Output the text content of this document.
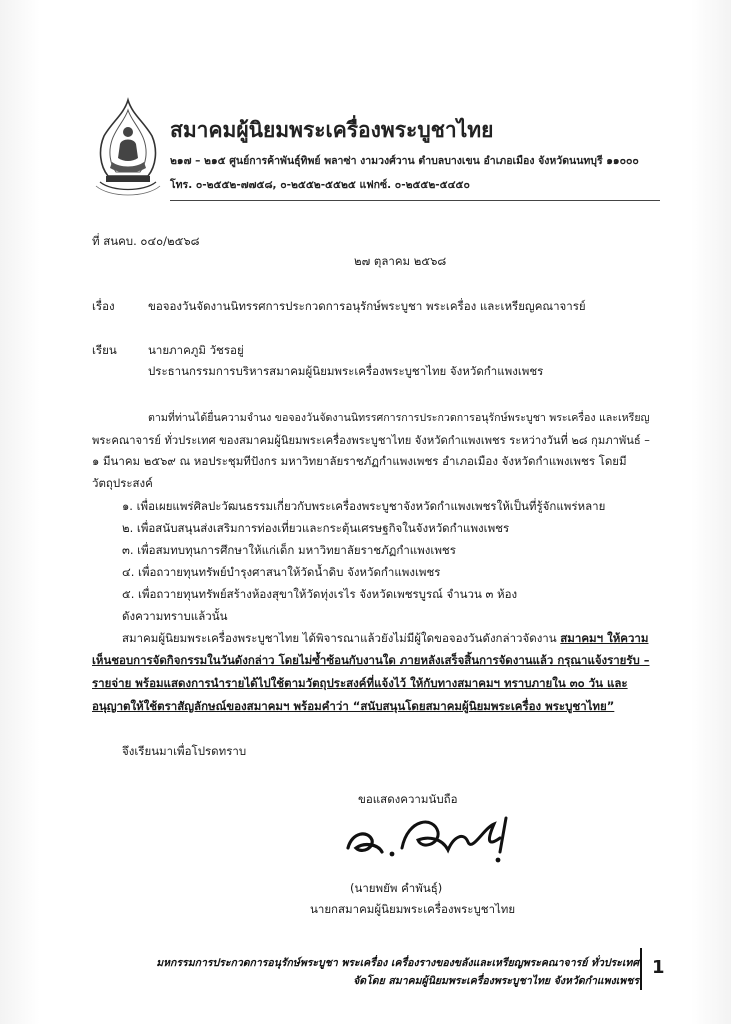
สมาคมผู้นิยมพระเครื่องพระบูชาไทย
๒๑๗ – ๒๑๕ ศูนย์การค้าพันธุ์ทิพย์ พลาซ่า งามวงศ์วาน ตำบลบางเขน อำเภอเมือง จังหวัดนนทบุรี ๑๑๐๐๐
โทร. ๐-๒๕๕๒-๗๗๕๘, ๐-๒๕๕๒-๕๕๒๕ แฟกซ์. ๐-๒๕๕๒-๕๔๕๐
ที่ สนคบ. ๐๔๐/๒๕๖๘
๒๗ ตุลาคม ๒๕๖๘
เรื่อง	ขอจองวันจัดงานนิทรรศการประกวดการอนุรักษ์พระบูชา พระเครื่อง และเหรียญคณาจารย์
เรียน	นายภาคภูมิ วัชรอยู่
ประธานกรรมการบริหารสมาคมผู้นิยมพระเครื่องพระบูชาไทย จังหวัดกำแพงเพชร
ตามที่ท่านได้ยื่นความจำนง ขอจองวันจัดงานนิทรรศการการประกวดการอนุรักษ์พระบูชา พระเครื่อง และเหรียญ
พระคณาจารย์ ทั่วประเทศ ของสมาคมผู้นิยมพระเครื่องพระบูชาไทย จังหวัดกำแพงเพชร ระหว่างวันที่ ๒๘ กุมภาพันธ์ –
๑ มีนาคม ๒๕๖๙ ณ หอประชุมทีปังกร มหาวิทยาลัยราชภัฏกำแพงเพชร อำเภอเมือง จังหวัดกำแพงเพชร โดยมี
วัตถุประสงค์
๑. เพื่อเผยแพร่ศิลปะวัฒนธรรมเกี่ยวกับพระเครื่องพระบูชาจังหวัดกำแพงเพชรให้เป็นที่รู้จักแพร่หลาย
๒. เพื่อสนับสนุนส่งเสริมการท่องเที่ยวและกระตุ้นเศรษฐกิจในจังหวัดกำแพงเพชร
๓. เพื่อสมทบทุนการศึกษาให้แก่เด็ก มหาวิทยาลัยราชภัฏกำแพงเพชร
๔. เพื่อถวายทุนทรัพย์บำรุงศาสนาให้วัดน้ำดิบ จังหวัดกำแพงเพชร
๕. เพื่อถวายทุนทรัพย์สร้างห้องสุขาให้วัดทุ่งเรไร จังหวัดเพชรบูรณ์ จำนวน ๓ ห้อง
ดังความทราบแล้วนั้น
สมาคมผู้นิยมพระเครื่องพระบูชาไทย ได้พิจารณาแล้วยังไม่มีผู้ใดขอจองวันดังกล่าวจัดงาน สมาคมฯ ให้ความ
เห็นชอบการจัดกิจกรรมในวันดังกล่าว โดยไม่ซ้ำซ้อนกับงานใด ภายหลังเสร็จสิ้นการจัดงานแล้ว กรุณาแจ้งรายรับ –
รายจ่าย พร้อมแสดงการนำรายได้ไปใช้ตามวัตถุประสงค์ที่แจ้งไว้ ให้กับทางสมาคมฯ ทราบภายใน ๓๐ วัน และ
อนุญาตให้ใช้ตราสัญลักษณ์ของสมาคมฯ พร้อมคำว่า “สนับสนุนโดยสมาคมผู้นิยมพระเครื่อง พระบูชาไทย”
จึงเรียนมาเพื่อโปรดทราบ
ขอแสดงความนับถือ
(นายพยัพ คำพันธุ์)
นายกสมาคมผู้นิยมพระเครื่องพระบูชาไทย
มหกรรมการประกวดการอนุรักษ์พระบูชา พระเครื่อง เครื่องรางของขลังและเหรียญพระคณาจารย์ ทั่วประเทศ
จัดโดย สมาคมผู้นิยมพระเครื่องพระบูชาไทย จังหวัดกำแพงเพชร
1
